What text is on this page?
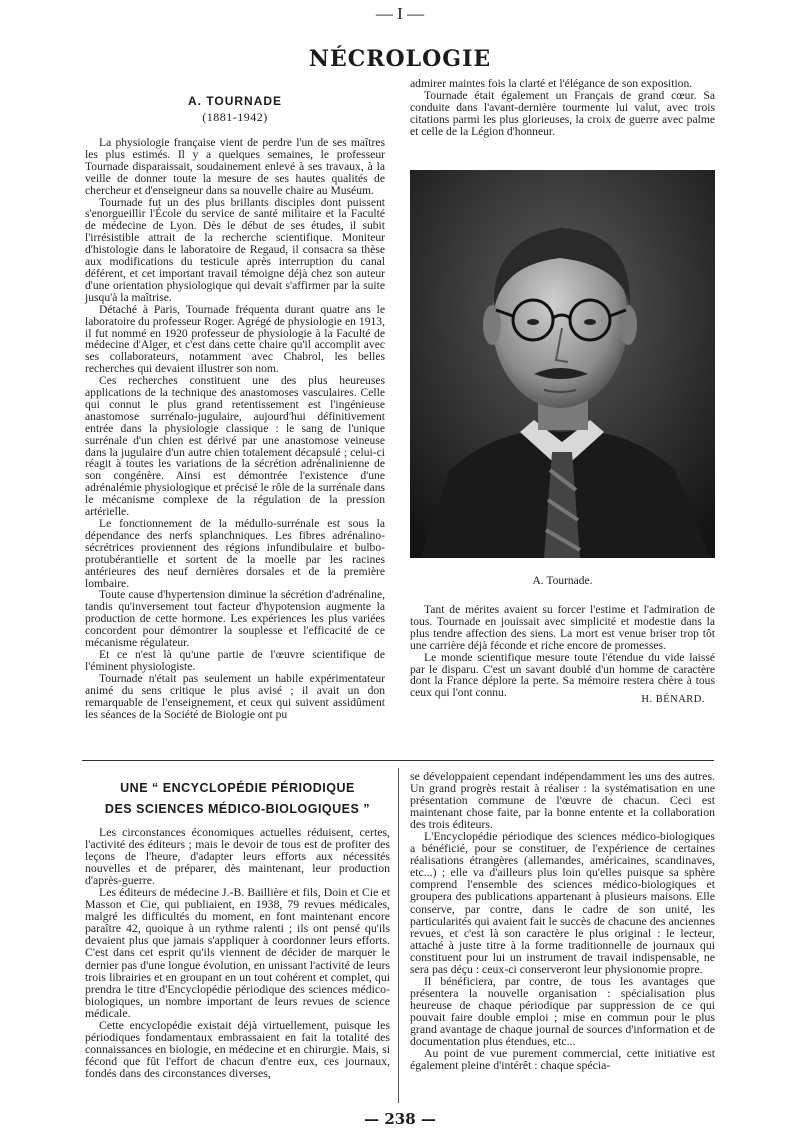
— I —
NÉCROLOGIE
A. TOURNADE
(1881-1942)

La physiologie française vient de perdre l'un de ses maîtres les plus estimés. Il y a quelques semaines, le professeur Tournade disparaissait, soudainement enlevé à ses travaux, à la veille de donner toute la mesure de ses hautes qualités de chercheur et d'enseigneur dans sa nouvelle chaire au Muséum.

Tournade fut un des plus brillants disciples dont puissent s'enorgueillir l'École du service de santé militaire et la Faculté de médecine de Lyon. Dès le début de ses études, il subit l'irrésistible attrait de la recherche scientifique. Moniteur d'histologie dans le laboratoire de Regaud, il consacra sa thèse aux modifications du testicule après interruption du canal déférent, et cet important travail témoigne déjà chez son auteur d'une orientation physiologique qui devait s'affirmer par la suite jusqu'à la maîtrise.

Détaché à Paris, Tournade fréquenta durant quatre ans le laboratoire du professeur Roger. Agrégé de physiologie en 1913, il fut nommé en 1920 professeur de physiologie à la Faculté de médecine d'Alger, et c'est dans cette chaire qu'il accomplit avec ses collaborateurs, notamment avec Chabrol, les belles recherches qui devaient illustrer son nom.

Ces recherches constituent une des plus heureuses applications de la technique des anastomoses vasculaires. Celle qui connut le plus grand retentissement est l'ingénieuse anastomose surrénalo-jugulaire, aujourd'hui définitivement entrée dans la physiologie classique : le sang de l'unique surrénale d'un chien est dérivé par une anastomose veineuse dans la jugulaire d'un autre chien totalement décapsulé ; celui-ci réagit à toutes les variations de la sécrétion adrénalinienne de son congénère. Ainsi est démontrée l'existence d'une adrénalémie physiologique et précisé le rôle de la surrénale dans le mécanisme complexe de la régulation de la pression artérielle.

Le fonctionnement de la médullo-surrénale est sous la dépendance des nerfs splanchniques. Les fibres adrénalino-sécrétrices proviennent des régions infundibulaire et bulbo-protubérantielle et sortent de la moelle par les racines antérieures des neuf dernières dorsales et de la première lombaire.

Toute cause d'hypertension diminue la sécrétion d'adrénaline, tandis qu'inversement tout facteur d'hypotension augmente la production de cette hormone. Les expériences les plus variées concordent pour démontrer la souplesse et l'efficacité de ce mécanisme régulateur.

Et ce n'est là qu'une partie de l'œuvre scientifique de l'éminent physiologiste.

Tournade n'était pas seulement un habile expérimentateur animé du sens critique le plus avisé ; il avait un don remarquable de l'enseignement, et ceux qui suivent assidûment les séances de la Société de Biologie ont pu

admirer maintes fois la clarté et l'élégance de son exposition.

Tournade était également un Français de grand cœur. Sa conduite dans l'avant-dernière tourmente lui valut, avec trois citations parmi les plus glorieuses, la croix de guerre avec palme et celle de la Légion d'honneur.

A. Tournade.

Tant de mérites avaient su forcer l'estime et l'admiration de tous. Tournade en jouissait avec simplicité et modestie dans la plus tendre affection des siens. La mort est venue briser trop tôt une carrière déjà féconde et riche encore de promesses.

Le monde scientifique mesure toute l'étendue du vide laissé par le disparu. C'est un savant doublé d'un homme de caractère dont la France déplore la perte. Sa mémoire restera chère à tous ceux qui l'ont connu.

H. BÉNARD.
UNE “ ENCYCLOPÉDIE PÉRIODIQUE
DES SCIENCES MÉDICO-BIOLOGIQUES ”

Les circonstances économiques actuelles réduisent, certes, l'activité des éditeurs ; mais le devoir de tous est de profiter des leçons de l'heure, d'adapter leurs efforts aux nécessités nouvelles et de préparer, dès maintenant, leur production d'après-guerre.

Les éditeurs de médecine J.-B. Baillière et fils, Doin et Cie et Masson et Cie, qui publiaient, en 1938, 79 revues médicales, malgré les difficultés du moment, en font maintenant encore paraître 42, quoique à un rythme ralenti ; ils ont pensé qu'ils devaient plus que jamais s'appliquer à coordonner leurs efforts. C'est dans cet esprit qu'ils viennent de décider de marquer le dernier pas d'une longue évolution, en unissant l'activité de leurs trois librairies et en groupant en un tout cohérent et complet, qui prendra le titre d'Encyclopédie périodique des sciences médico-biologiques, un nombre important de leurs revues de science médicale.

Cette encyclopédie existait déjà virtuellement, puisque les périodiques fondamentaux embrassaient en fait la totalité des connaissances en biologie, en médecine et en chirurgie. Mais, si fécond que fût l'effort de chacun d'entre eux, ces journaux, fondés dans des circonstances diverses,

se développaient cependant indépendamment les uns des autres. Un grand progrès restait à réaliser : la systématisation en une présentation commune de l'œuvre de chacun. Ceci est maintenant chose faite, par la bonne entente et la collaboration des trois éditeurs.

L'Encyclopédie périodique des sciences médico-biologiques a bénéficié, pour se constituer, de l'expérience de certaines réalisations étrangères (allemandes, américaines, scandinaves, etc...) ; elle va d'ailleurs plus loin qu'elles puisque sa sphère comprend l'ensemble des sciences médico-biologiques et groupera des publications appartenant à plusieurs maisons. Elle conserve, par contre, dans le cadre de son unité, les particularités qui avaient fait le succès de chacune des anciennes revues, et c'est là son caractère le plus original : le lecteur, attaché à juste titre à la forme traditionnelle de journaux qui constituent pour lui un instrument de travail indispensable, ne sera pas déçu : ceux-ci conserveront leur physionomie propre.

Il bénéficiera, par contre, de tous les avantages que présentera la nouvelle organisation : spécialisation plus heureuse de chaque périodique par suppression de ce qui pouvait faire double emploi ; mise en commun pour le plus grand avantage de chaque journal de sources d'information et de documentation plus étendues, etc...

Au point de vue purement commercial, cette initiative est également pleine d'intérêt : chaque spécia-

— 238 —
